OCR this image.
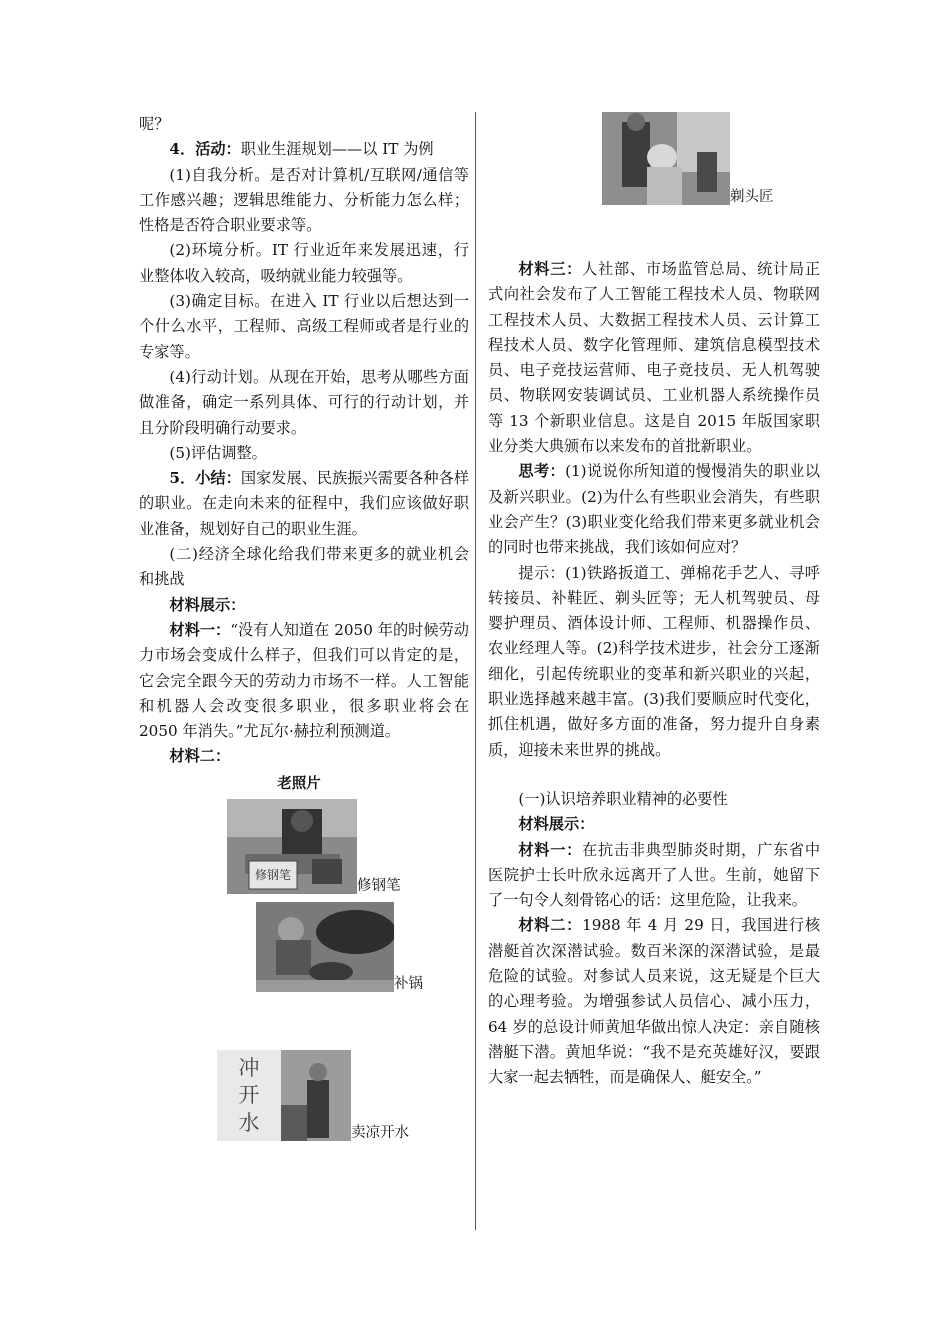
呢？

4．活动：职业生涯规划——以 IT 为例

(1)自我分析。是否对计算机/互联网/通信等工作感兴趣；逻辑思维能力、分析能力怎么样；性格是否符合职业要求等。

(2)环境分析。IT 行业近年来发展迅速，行业整体收入较高，吸纳就业能力较强等。

(3)确定目标。在进入 IT 行业以后想达到一个什么水平，工程师、高级工程师或者是行业的专家等。

(4)行动计划。从现在开始，思考从哪些方面做准备，确定一系列具体、可行的行动计划，并且分阶段明确行动要求。

(5)评估调整。

5．小结：国家发展、民族振兴需要各种各样的职业。在走向未来的征程中，我们应该做好职业准备，规划好自己的职业生涯。

(二)经济全球化给我们带来更多的就业机会和挑战

材料展示：

材料一：“没有人知道在 2050 年的时候劳动力市场会变成什么样子，但我们可以肯定的是，它会完全跟今天的劳动力市场不一样。人工智能和机器人会改变很多职业，很多职业将会在 2050 年消失。”尤瓦尔·赫拉利预测道。

材料二：

老照片
修钢笔
修钢笔
补锅
冲
开
水	卖凉开水
剃头匠

材料三：人社部、市场监管总局、统计局正式向社会发布了人工智能工程技术人员、物联网工程技术人员、大数据工程技术人员、云计算工程技术人员、数字化管理师、建筑信息模型技术员、电子竞技运营师、电子竞技员、无人机驾驶员、物联网安装调试员、工业机器人系统操作员等 13 个新职业信息。这是自 2015 年版国家职业分类大典颁布以来发布的首批新职业。

思考：(1)说说你所知道的慢慢消失的职业以及新兴职业。(2)为什么有些职业会消失，有些职业会产生？(3)职业变化给我们带来更多就业机会的同时也带来挑战，我们该如何应对？

提示：(1)铁路扳道工、弹棉花手艺人、寻呼转接员、补鞋匠、剃头匠等；无人机驾驶员、母婴护理员、酒体设计师、工程师、机器操作员、农业经理人等。(2)科学技术进步，社会分工逐渐细化，引起传统职业的变革和新兴职业的兴起，职业选择越来越丰富。(3)我们要顺应时代变化，抓住机遇，做好多方面的准备，努力提升自身素质，迎接未来世界的挑战。

(一)认识培养职业精神的必要性

材料展示：

材料一：在抗击非典型肺炎时期，广东省中医院护士长叶欣永远离开了人世。生前，她留下了一句令人刻骨铭心的话：这里危险，让我来。

材料二：1988 年 4 月 29 日，我国进行核潜艇首次深潜试验。数百米深的深潜试验，是最危险的试验。对参试人员来说，这无疑是个巨大的心理考验。为增强参试人员信心、减小压力，64 岁的总设计师黄旭华做出惊人决定：亲自随核潜艇下潜。黄旭华说：“我不是充英雄好汉，要跟大家一起去牺牲，而是确保人、艇安全。”
